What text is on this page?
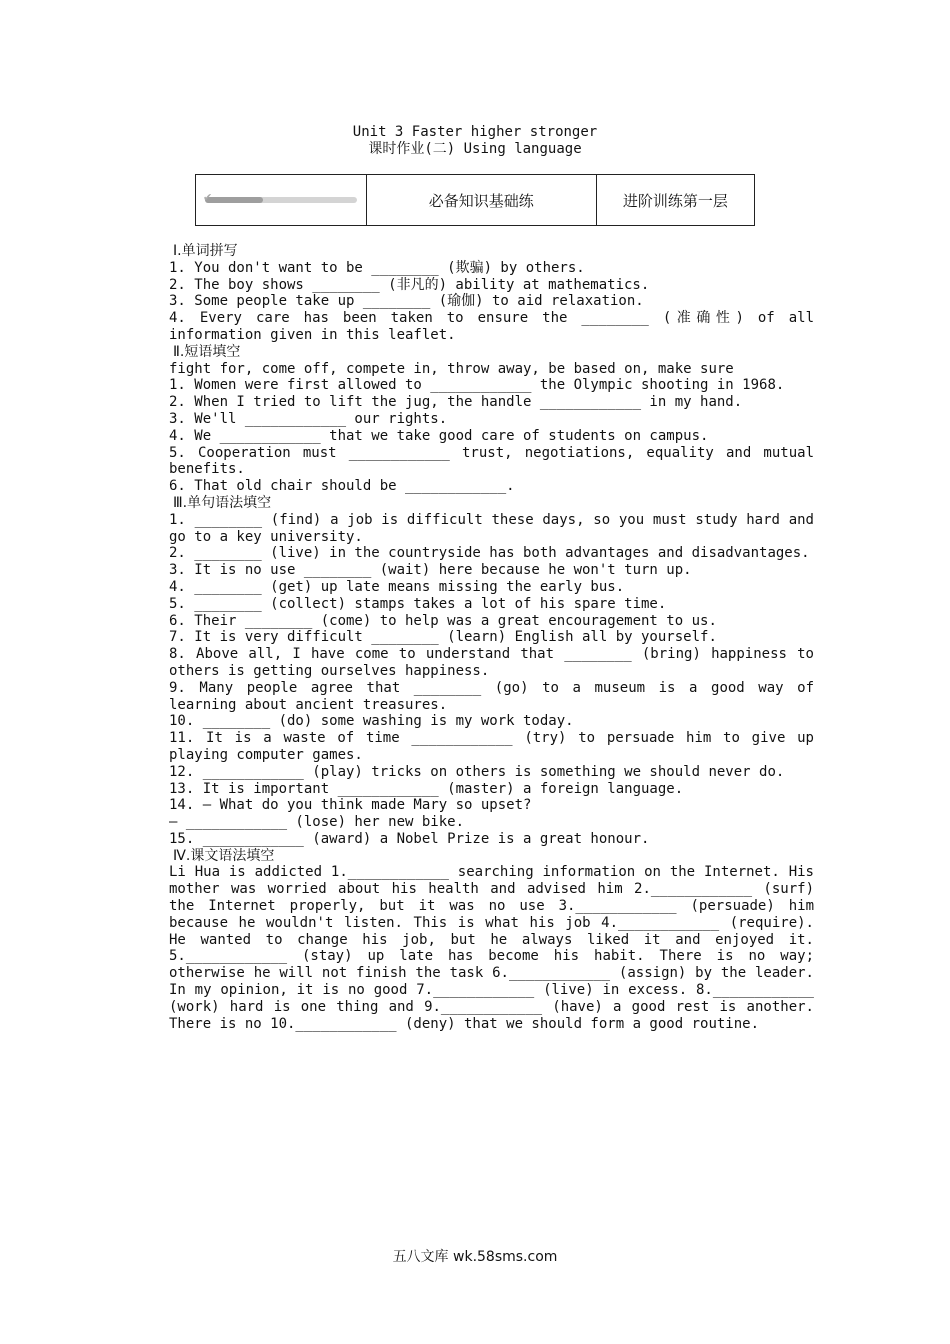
Unit 3 Faster higher stronger
课时作业(二) Using language
✔	必备知识基础练	进阶训练第一层

Ⅰ.单词拼写

1. You don't want to be ________ (欺骗) by others.

2. The boy shows ________ (非凡的) ability at mathematics.

3. Some people take up ________ (瑜伽) to aid relaxation.

4. Every care has been taken to ensure the ________ (准确性) of all information given in this leaflet.

Ⅱ.短语填空

fight for, come off, compete in, throw away, be based on, make sure

1. Women were first allowed to ____________ the Olympic shooting in 1968.

2. When I tried to lift the jug, the handle ____________ in my hand.

3. We'll ____________ our rights.

4. We ____________ that we take good care of students on campus.

5. Cooperation must ____________ trust, negotiations, equality and mutual benefits.

6. That old chair should be ____________.

Ⅲ.单句语法填空

1. ________ (find) a job is difficult these days, so you must study hard and go to a key university.

2. ________ (live) in the countryside has both advantages and disadvantages.

3. It is no use ________ (wait) here because he won't turn up.

4. ________ (get) up late means missing the early bus.

5. ________ (collect) stamps takes a lot of his spare time.

6. Their ________ (come) to help was a great encouragement to us.

7. It is very difficult ________ (learn) English all by yourself.

8. Above all, I have come to understand that ________ (bring) happiness to others is getting ourselves happiness.

9. Many people agree that ________ (go) to a museum is a good way of learning about ancient treasures.

10. ________ (do) some washing is my work today.

11. It is a waste of time ____________ (try) to persuade him to give up playing computer games.

12. ____________ (play) tricks on others is something we should never do.

13. It is important ____________ (master) a foreign language.

14. — What do you think made Mary so upset?

— ____________ (lose) her new bike.

15. ____________ (award) a Nobel Prize is a great honour.

Ⅳ.课文语法填空

Li Hua is addicted 1.____________ searching information on the Internet. His mother was worried about his health and advised him 2.____________ (surf) the Internet properly, but it was no use 3.____________ (persuade) him because he wouldn't listen. This is what his job 4.____________ (require). He wanted to change his job, but he always liked it and enjoyed it. 5.____________ (stay) up late has become his habit. There is no way; otherwise he will not finish the task 6.____________ (assign) by the leader. In my opinion, it is no good 7.____________ (live) in excess. 8.____________ (work) hard is one thing and 9.____________ (have) a good rest is another. There is no 10.____________ (deny) that we should form a good routine.

五八文库 wk.58sms.com
